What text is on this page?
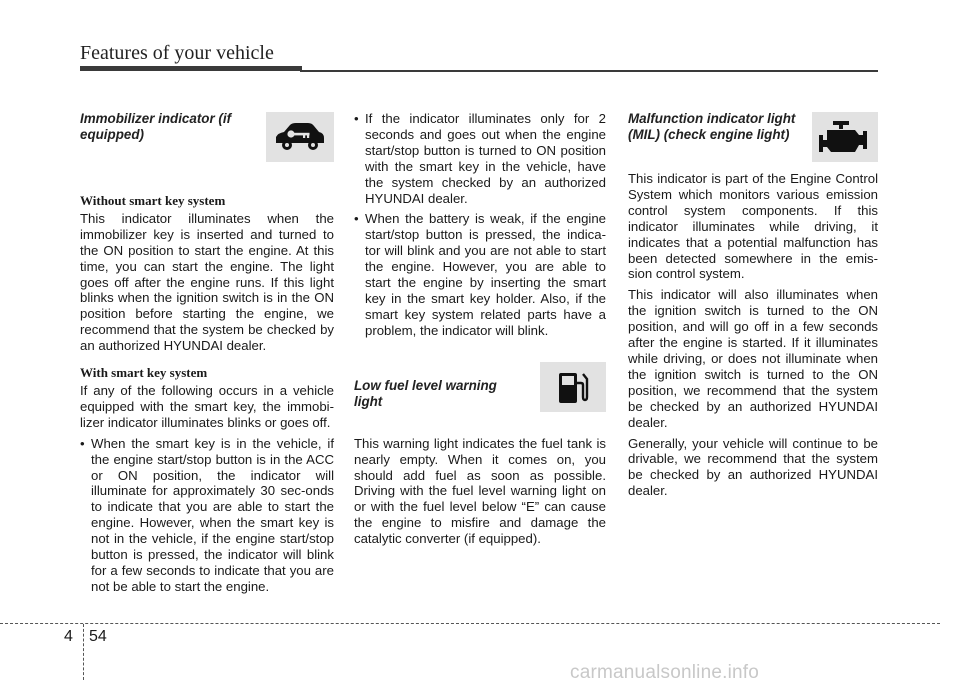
Features of your vehicle
Immobilizer indicator (if equipped)
Without smart key system

This indicator illuminates when the immobilizer key is inserted and turned to the ON position to start the engine. At this time, you can start the engine. The light goes off after the engine runs. If this light blinks when the ignition switch is in the ON position before starting the engine, we recommend that the system be checked by an authorized HYUNDAI dealer.

With smart key system

If any of the following occurs in a vehicle equipped with the smart key, the immobi-lizer indicator illuminates blinks or goes off.

• When the smart key is in the vehicle, if the engine start/stop button is in the ACC or ON position, the indicator will illuminate for approximately 30 sec-onds to indicate that you are able to start the engine. However, when the smart key is not in the vehicle, if the engine start/stop button is pressed, the indicator will blink for a few seconds to indicate that you are not be able to start the engine.
• If the indicator illuminates only for 2 seconds and goes out when the engine start/stop button is turned to ON position with the smart key in the vehicle, have the system checked by an authorized HYUNDAI dealer.
• When the battery is weak, if the engine start/stop button is pressed, the indica-tor will blink and you are not able to start the engine. However, you are able to start the engine by inserting the smart key in the smart key holder. Also, if the smart key system related parts have a problem, the indicator will blink.
Low fuel level warning light

This warning light indicates the fuel tank is nearly empty. When it comes on, you should add fuel as soon as possible. Driving with the fuel level warning light on or with the fuel level below “E” can cause the engine to misfire and damage the catalytic converter (if equipped).

Malfunction indicator light (MIL) (check engine light)

This indicator is part of the Engine Control System which monitors various emission control system components. If this indicator illuminates while driving, it indicates that a potential malfunction has been detected somewhere in the emis-sion control system.

This indicator will also illuminates when the ignition switch is turned to the ON position, and will go off in a few seconds after the engine is started. If it illuminates while driving, or does not illuminate when the ignition switch is turned to the ON position, we recommend that the system be checked by an authorized HYUNDAI dealer.

Generally, your vehicle will continue to be drivable, we recommend that the system be checked by an authorized HYUNDAI dealer.

4 54
carmanualsonline.info
